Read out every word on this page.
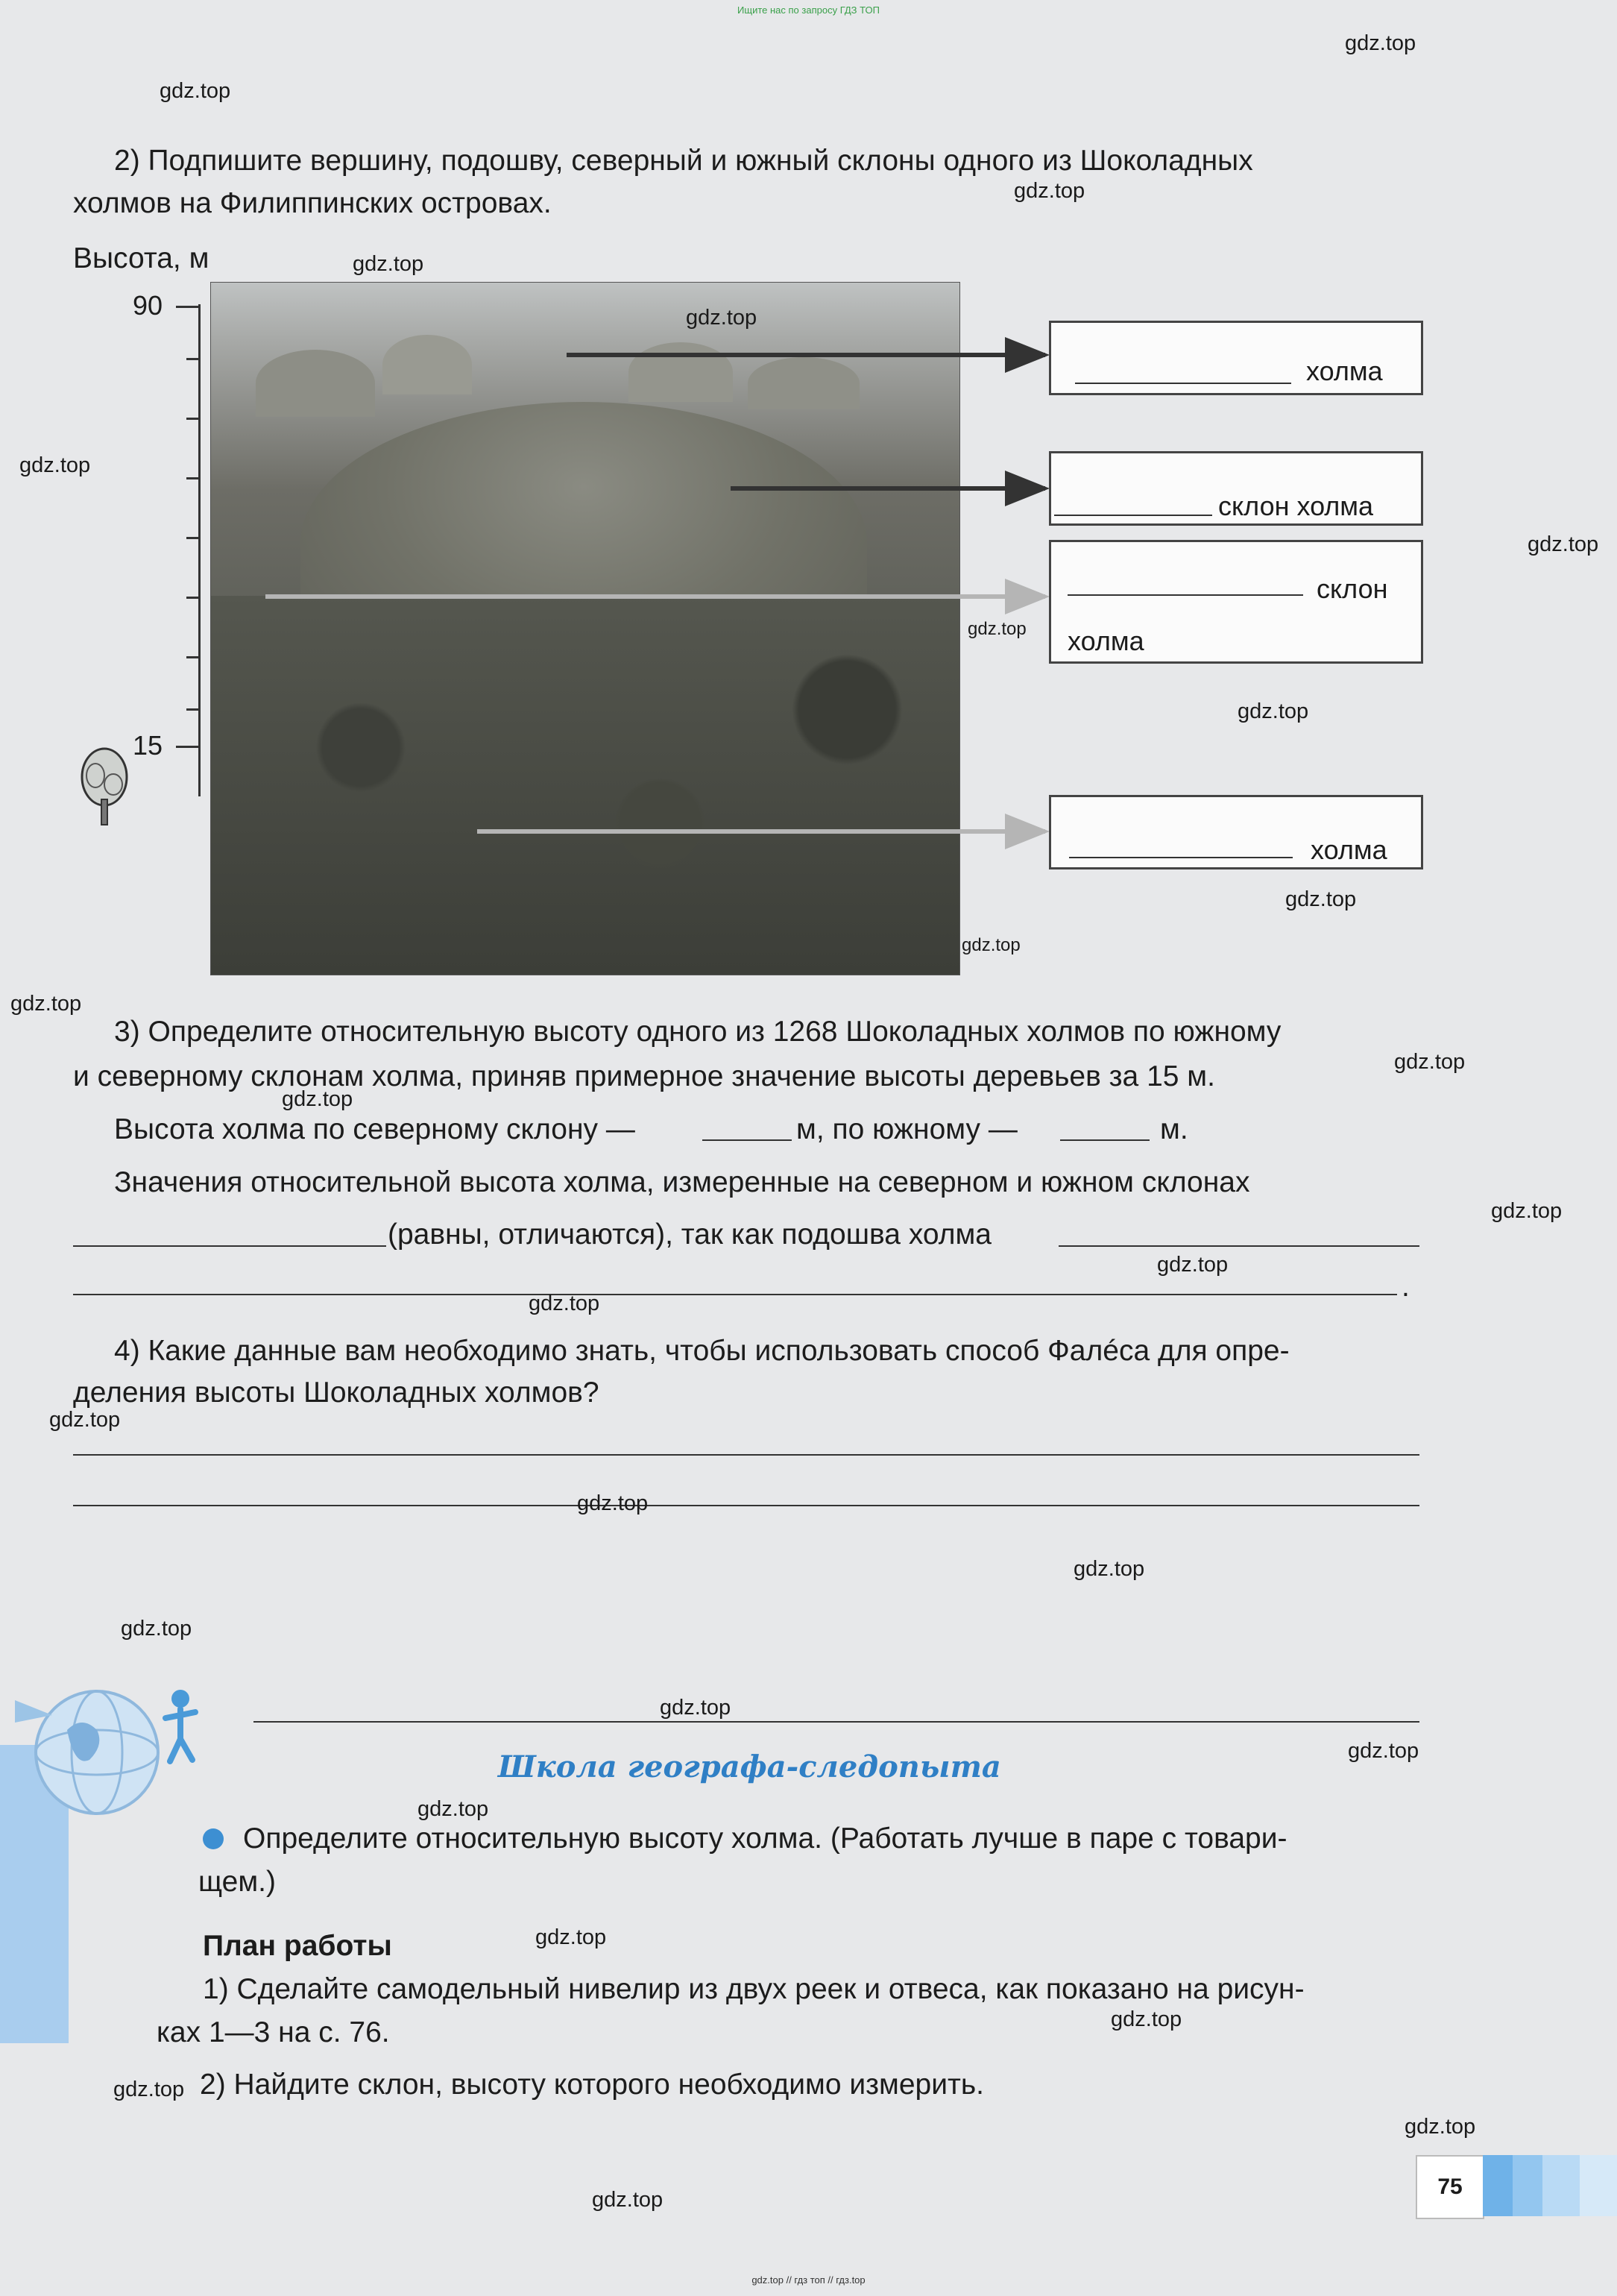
Ищите нас по запросу ГДЗ ТОП
gdz.top // гдз топ // гдз.top
2) Подпишите вершину, подошву, северный и южный склоны одного из Шоколадных
холмов на Филиппинских островах.
Высота, м
90
15
холма
склон холма
склон
холма
холма
3) Определите относительную высоту одного из 1268 Шоколадных холмов по южному
и северному склонам холма, приняв примерное значение высоты деревьев за 15 м.
Высота холма по северному склону —	м, по южному —	м.
Значения относительной высота холма, измеренные на северном и южном склонах
(равны, отличаются), так как подошва холма
.
4) Какие данные вам необходимо знать, чтобы использовать способ Фалéса для опре-
деления высоты Шоколадных холмов?
Школа географа-следопыта
Определите относительную высоту холма. (Работать лучше в паре с товари-
щем.)
План работы
1) Сделайте самодельный нивелир из двух реек и отвеса, как показано на рисун-
ках 1—3 на с. 76.
2) Найдите склон, высоту которого необходимо измерить.
75
gdz.top
gdz.top
gdz.top
gdz.top
gdz.top
gdz.top
gdz.top
gdz.top
gdz.top
gdz.top
gdz.top
gdz.top
gdz.top
gdz.top
gdz.top
gdz.top
gdz.top
gdz.top
gdz.top
gdz.top
gdz.top
gdz.top
gdz.top
gdz.top
gdz.top
gdz.top
gdz.top
gdz.top
gdz.top
